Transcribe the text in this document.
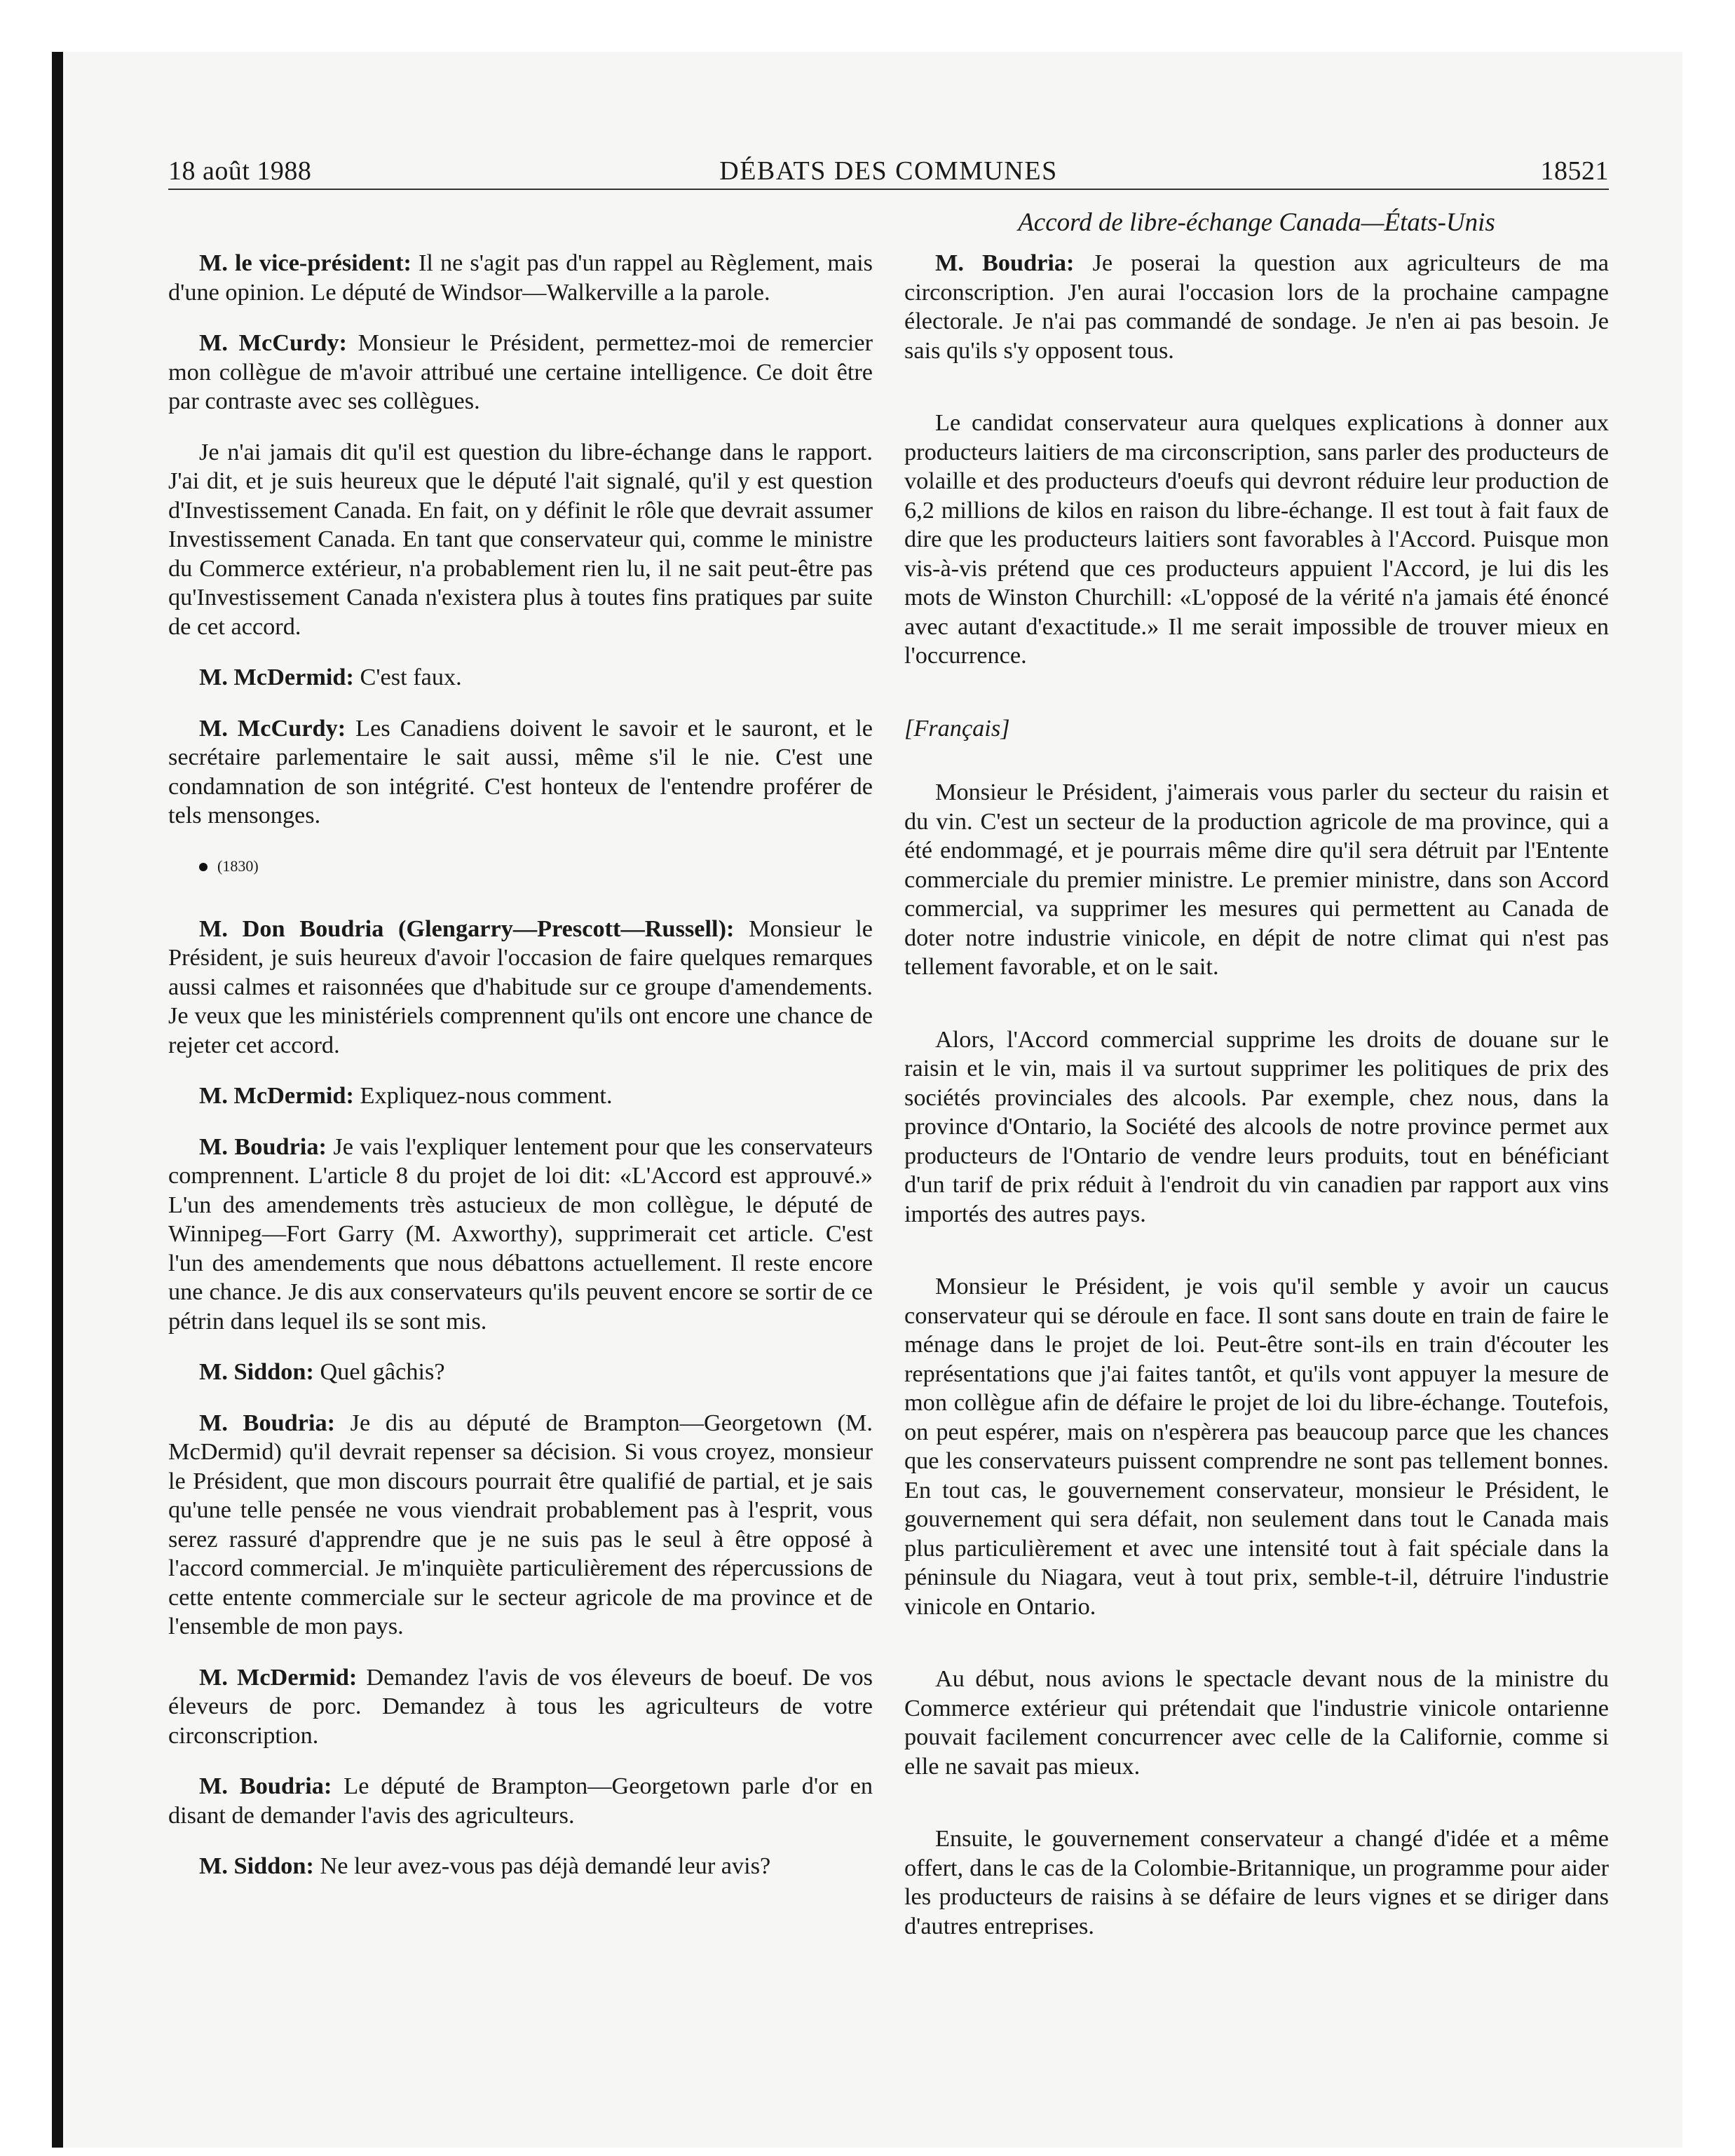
18 août 1988	DÉBATS DES COMMUNES	18521
Accord de libre-échange Canada—États-Unis

M. le vice-président: Il ne s'agit pas d'un rappel au Règlement, mais d'une opinion. Le député de Windsor—Walkerville a la parole.

M. McCurdy: Monsieur le Président, permettez-moi de remercier mon collègue de m'avoir attribué une certaine intelligence. Ce doit être par contraste avec ses collègues.

Je n'ai jamais dit qu'il est question du libre-échange dans le rapport. J'ai dit, et je suis heureux que le député l'ait signalé, qu'il y est question d'Investissement Canada. En fait, on y définit le rôle que devrait assumer Investissement Canada. En tant que conservateur qui, comme le ministre du Commerce extérieur, n'a probablement rien lu, il ne sait peut-être pas qu'Investissement Canada n'existera plus à toutes fins pratiques par suite de cet accord.

M. McDermid: C'est faux.

M. McCurdy: Les Canadiens doivent le savoir et le sauront, et le secrétaire parlementaire le sait aussi, même s'il le nie. C'est une condamnation de son intégrité. C'est honteux de l'entendre proférer de tels mensonges.

(1830)

M. Don Boudria (Glengarry—Prescott—Russell): Monsieur le Président, je suis heureux d'avoir l'occasion de faire quelques remarques aussi calmes et raisonnées que d'habitude sur ce groupe d'amendements. Je veux que les ministériels comprennent qu'ils ont encore une chance de rejeter cet accord.

M. McDermid: Expliquez-nous comment.

M. Boudria: Je vais l'expliquer lentement pour que les conservateurs comprennent. L'article 8 du projet de loi dit: «L'Accord est approuvé.» L'un des amendements très astucieux de mon collègue, le député de Winnipeg—Fort Garry (M. Axworthy), supprimerait cet article. C'est l'un des amendements que nous débattons actuellement. Il reste encore une chance. Je dis aux conservateurs qu'ils peuvent encore se sortir de ce pétrin dans lequel ils se sont mis.

M. Siddon: Quel gâchis?

M. Boudria: Je dis au député de Brampton—Georgetown (M. McDermid) qu'il devrait repenser sa décision. Si vous croyez, monsieur le Président, que mon discours pourrait être qualifié de partial, et je sais qu'une telle pensée ne vous viendrait probablement pas à l'esprit, vous serez rassuré d'apprendre que je ne suis pas le seul à être opposé à l'accord commercial. Je m'inquiète particulièrement des répercussions de cette entente commerciale sur le secteur agricole de ma province et de l'ensemble de mon pays.

M. McDermid: Demandez l'avis de vos éleveurs de boeuf. De vos éleveurs de porc. Demandez à tous les agriculteurs de votre circonscription.

M. Boudria: Le député de Brampton—Georgetown parle d'or en disant de demander l'avis des agriculteurs.

M. Siddon: Ne leur avez-vous pas déjà demandé leur avis?

M. Boudria: Je poserai la question aux agriculteurs de ma circonscription. J'en aurai l'occasion lors de la prochaine campagne électorale. Je n'ai pas commandé de sondage. Je n'en ai pas besoin. Je sais qu'ils s'y opposent tous.

Le candidat conservateur aura quelques explications à donner aux producteurs laitiers de ma circonscription, sans parler des producteurs de volaille et des producteurs d'oeufs qui devront réduire leur production de 6,2 millions de kilos en raison du libre-échange. Il est tout à fait faux de dire que les producteurs laitiers sont favorables à l'Accord. Puisque mon vis-à-vis prétend que ces producteurs appuient l'Accord, je lui dis les mots de Winston Churchill: «L'opposé de la vérité n'a jamais été énoncé avec autant d'exactitude.» Il me serait impossible de trouver mieux en l'occurrence.

[Français]

Monsieur le Président, j'aimerais vous parler du secteur du raisin et du vin. C'est un secteur de la production agricole de ma province, qui a été endommagé, et je pourrais même dire qu'il sera détruit par l'Entente commerciale du premier ministre. Le premier ministre, dans son Accord commercial, va supprimer les mesures qui permettent au Canada de doter notre industrie vinicole, en dépit de notre climat qui n'est pas tellement favorable, et on le sait.

Alors, l'Accord commercial supprime les droits de douane sur le raisin et le vin, mais il va surtout supprimer les politiques de prix des sociétés provinciales des alcools. Par exemple, chez nous, dans la province d'Ontario, la Société des alcools de notre province permet aux producteurs de l'Ontario de vendre leurs produits, tout en bénéficiant d'un tarif de prix réduit à l'endroit du vin canadien par rapport aux vins importés des autres pays.

Monsieur le Président, je vois qu'il semble y avoir un caucus conservateur qui se déroule en face. Il sont sans doute en train de faire le ménage dans le projet de loi. Peut-être sont-ils en train d'écouter les représentations que j'ai faites tantôt, et qu'ils vont appuyer la mesure de mon collègue afin de défaire le projet de loi du libre-échange. Toutefois, on peut espérer, mais on n'espèrera pas beaucoup parce que les chances que les conservateurs puissent comprendre ne sont pas tellement bonnes. En tout cas, le gouvernement conservateur, monsieur le Président, le gouvernement qui sera défait, non seulement dans tout le Canada mais plus particulièrement et avec une intensité tout à fait spéciale dans la péninsule du Niagara, veut à tout prix, semble-t-il, détruire l'industrie vinicole en Ontario.

Au début, nous avions le spectacle devant nous de la ministre du Commerce extérieur qui prétendait que l'industrie vinicole ontarienne pouvait facilement concurrencer avec celle de la Californie, comme si elle ne savait pas mieux.

Ensuite, le gouvernement conservateur a changé d'idée et a même offert, dans le cas de la Colombie-Britannique, un programme pour aider les producteurs de raisins à se défaire de leurs vignes et se diriger dans d'autres entreprises.
